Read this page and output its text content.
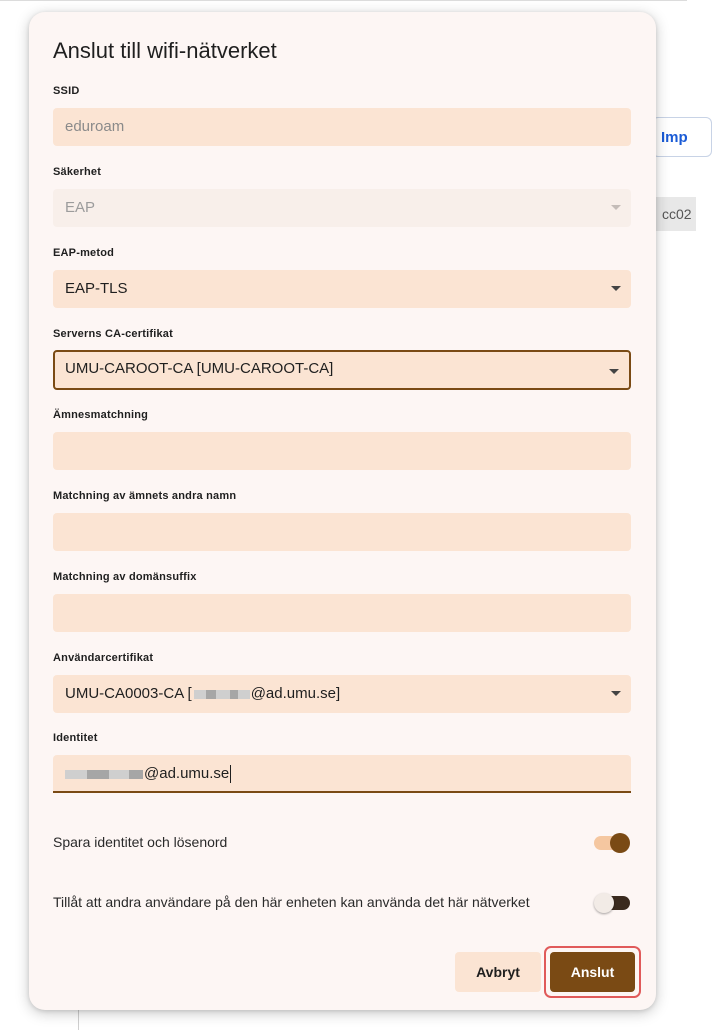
Imp
cc02
Anslut till wifi-nätverket
SSID
eduroam
Säkerhet
EAP
EAP-metod
EAP-TLS
Serverns CA-certifikat
UMU-CAROOT-CA [UMU-CAROOT-CA]
Ämnesmatchning
Matchning av ämnets andra namn
Matchning av domänsuffix
Användarcertifikat
UMU-CA0003-CA [	@ad.umu.se]
Identitet
@ad.umu.se
Spara identitet och lösenord
Tillåt att andra användare på den här enheten kan använda det här nätverket
Avbryt	Anslut
